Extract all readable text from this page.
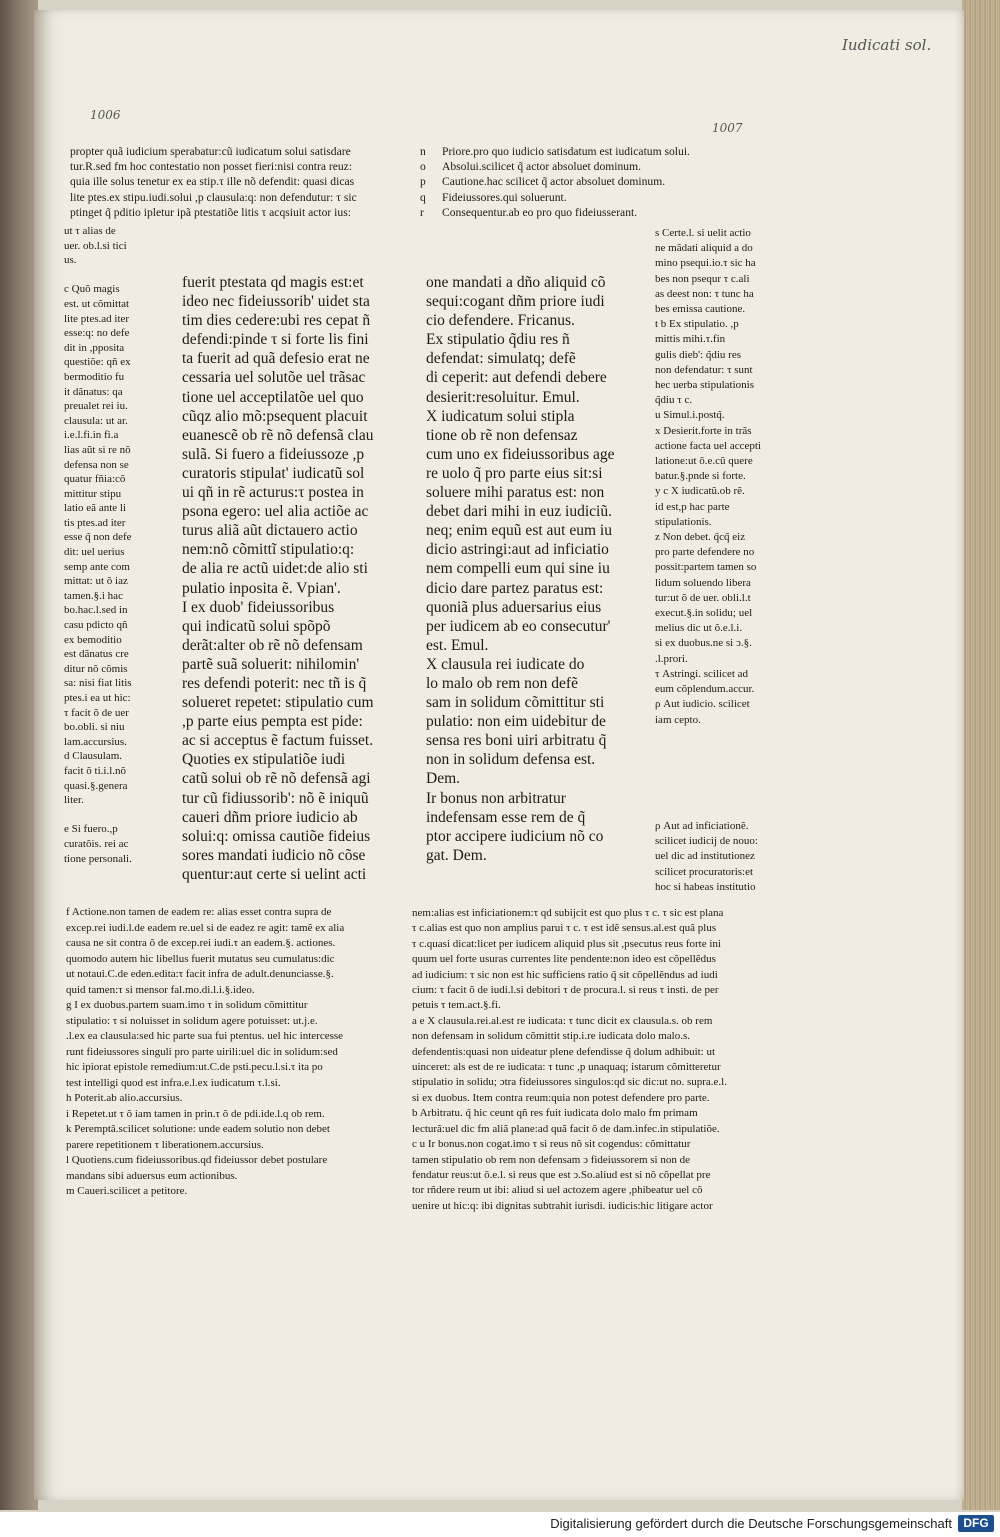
Iudicati sol.
1006
1007
propter quã iudicium sperabatur:cũ iudicatum solui satisdare
tur.R.sed fm hoc contestatio non posset fieri:nisi contra reuz:
quia ille solus tenetur ex ea stip.τ ille nõ defendit: quasi dicas
lite ptes.ex stipu.iudi.solui ,p clausula:q: non defendutur: τ sic
ptinget q̃ pditio ipletur ipã ptestatiõe litis τ acqsiuit actor ius:
n
o
p
q
r
Priore.pro quo iudicio satisdatum est iudicatum solui.
Absolui.scilicet q̃ actor absoluet dominum.
Cautione.hac scilicet q̃ actor absoluet dominum.
Fideiussores.qui soluerunt.
Consequentur.ab eo pro quo fideiusserant.
ut τ alias de
uer. ob.l.si tici
us.

c Quõ magis
est. ut cõmittat
lite ptes.ad iter
esse:q: no defe
dit in ,pposita
questiõe: qñ ex
bermoditio fu
it dãnatus: qa
preualet rei iu.
clausula: ut ar.
i.e.l.fi.in fi.a
lias aũt si re nõ
defensa non se
quatur fñia:cõ
mittitur stipu
latio eã ante li
tis ptes.ad iter
esse q̃ non defe
dit: uel uerius
semp ante com
mittat: ut õ iaz
tamen.§.i hac
bo.hac.l.sed in
casu pdicto qñ
ex bemoditio
est dãnatus cre
ditur nõ cõmis
sa: nisi fiat litis
ptes.i ea ut hic:
τ facit õ de uer
bo.obli. si niu
lam.accursius.
d Clausulam.
facit õ ti.i.l.nõ
quasi.§.genera
liter.

e Si fuero.,p
curatõis. rei ac
tione personali.
fuerit ptestata qd magis est:et
ideo nec fideiussorib' uidet sta
tim dies cedere:ubi res cepat ñ
defendi:pinde τ si forte lis fini
ta fuerit ad quã defesio erat ne
cessaria uel solutõe uel trãsac
tione uel acceptilatõe uel quo
cũqz alio mõ:psequent placuit
euanescẽ ob rẽ nõ defensã clau
sulã. Si fuero a fideiussoze ,p
curatoris stipulat' iudicatũ sol
ui qñ in rẽ acturus:τ postea in
psona egero: uel alia actiõe ac
turus aliã aũt dictauero actio
nem:nõ cõmittĩ stipulatio:q:
de alia re actũ uidet:de alio sti
pulatio inposita ẽ. Vpian'.
I ex duob' fideiussoribus
qui indicatũ solui spõpõ
derãt:alter ob rẽ nõ defensam
partẽ suã soluerit: nihilomin'
res defendi poterit: nec tñ is q̃
solueret repetet: stipulatio cum
,p parte eius pempta est pide:
ac si acceptus ẽ factum fuisset.
Quoties ex stipulatiõe iudi
catũ solui ob rẽ nõ defensã agi
tur cũ fidiussorib': nõ ẽ iniquũ
caueri dñm priore iudicio ab
solui:q: omissa cautiõe fideius
sores mandati iudicio nõ cõse
quentur:aut certe si uelint acti
one mandati a dño aliquid cõ
sequi:cogant dñm priore iudi
cio defendere. Fricanus.
Ex stipulatio q̃diu res ñ
defendat: simulatq; defẽ
di ceperit: aut defendi debere
desierit:resoluitur. Emul.
X iudicatum solui stipla
tione ob rẽ non defensaz
cum uno ex fideiussoribus age
re uolo q̃ pro parte eius sit:si
soluere mihi paratus est: non
debet dari mihi in euz iudiciũ.
neq; enim equũ est aut eum iu
dicio astringi:aut ad inficiatio
nem compelli eum qui sine iu
dicio dare partez paratus est:
quoniã plus aduersarius eius
per iudicem ab eo consecutur'
est. Emul.
X clausula rei iudicate do
lo malo ob rem non defẽ
sam in solidum cõmittitur sti
pulatio: non eim uidebitur de
sensa res boni uiri arbitratu q̃
non in solidum defensa est.
Dem.
Ir bonus non arbitratur
indefensam esse rem de q̃
ptor accipere iudicium nõ co
gat. Dem.
s Certe.l. si uelit actio
ne mãdati aliquid a do
mino psequi.io.τ sic ha
bes non psequr τ c.ali
as deest non: τ tunc ha
bes emissa cautione.
t b Ex stipulatio. ,p
mittis mihi.τ.fin
gulis dieb': q̃diu res
non defendatur: τ sunt
hec uerba stipulationis
q̃diu τ c.
u Simul.i.postq̃.
x Desierit.forte in trãs
actione facta uel accepti
latione:ut õ.e.cũ quere
batur.§.pnde si forte.
y c X iudicatũ.ob rẽ.
id est,p hac parte
stipulationis.
z Non debet. q̃cq̃ eiz
pro parte defendere no
possit:partem tamen so
lidum soluendo libera
tur:ut õ de uer. obli.l.t
execut.§.in solidu; uel
melius dic ut õ.e.l.i.
si ex duobus.ne si ͻ.§.
.l.prori.
τ Astringi. scilicet ad
eum cõplendum.accur.
ρ Aut iudicio. scilicet
iam cepto.

ρ Aut ad inficiationẽ.
scilicet iudicij de nouo:
uel dic ad institutionez
scilicet procuratoris:et
hoc si habeas institutio
f Actione.non tamen de eadem re: alias esset contra supra de
excep.rei iudi.l.de eadem re.uel si de eadez re agit: tamẽ ex alia
causa ne sit contra õ de excep.rei iudi.τ an eadem.§. actiones.
quomodo autem hic libellus fuerit mutatus seu cumulatus:dic
ut notaui.C.de eden.edita:τ facit infra de adult.denunciasse.§.
quid tamen:τ si mensor fal.mo.di.l.i.§.ideo.
g I ex duobus.partem suam.imo τ in solidum cõmittitur
stipulatio: τ si noluisset in solidum agere potuisset: ut.j.e.
.l.ex ea clausula:sed hic parte sua fui ptentus. uel hic intercesse
runt fideiussores singuli pro parte uirili:uel dic in solidum:sed
hic ipiorat epistole remedium:ut.C.de psti.pecu.l.si.τ ita po
test intelligi quod est infra.e.l.ex iudicatum τ.l.si.
h Poterit.ab alio.accursius.
i Repetet.ut τ õ iam tamen in prin.τ õ de pdi.ide.l.q ob rem.
k Peremptã.scilicet solutione: unde eadem solutio non debet
parere repetitionem τ liberationem.accursius.
l Quotiens.cum fideiussoribus.qd fideiussor debet postulare
mandans sibi aduersus eum actionibus.
m Caueri.scilicet a petitore.
nem:alias est inficiationem:τ qd subijcit est quo plus τ c. τ sic est plana
τ c.alias est quo non amplius parui τ c. τ est idẽ sensus.al.est quã plus
τ c.quasi dicat:licet per iudicem aliquid plus sit ,psecutus reus forte ini
quum uel forte usuras currentes lite pendente:non ideo est cõpellẽdus
ad iudicium: τ sic non est hic sufficiens ratio q̃ sit cõpellẽndus ad iudi
cium: τ facit õ de iudi.l.si debitori τ de procura.l. si reus τ insti. de per
petuis τ tem.act.§.fi.
a e X clausula.rei.al.est re iudicata: τ tunc dicit ex clausula.s. ob rem
non defensam in solidum cõmittit stip.i.re iudicata dolo malo.s.
defendentis:quasi non uideatur plene defendisse q̃ dolum adhibuit: ut
uinceret: als est de re iudicata: τ tunc ,p unaquaq; istarum cõmitteretur
stipulatio in solidu; ɔtra fideiussores singulos:qd sic dic:ut no. supra.e.l.
si ex duobus. Item contra reum:quia non potest defendere pro parte.
b Arbitratu. q̃ hic ceunt qñ res fuit iudicata dolo malo fm primam
lecturã:uel dic fm aliã plane:ad quã facit õ de dam.infec.in stipulatiõe.
c u Ir bonus.non cogat.imo τ si reus nõ sit cogendus: cõmittatur
tamen stipulatio ob rem non defensam ͻ fideiussorem si non de
fendatur reus:ut õ.e.l. si reus que est ͻ.So.aliud est si nõ cõpellat pre
tor rñdere reum ut ibi: aliud si uel actozem agere ,phibeatur uel cõ
uenire ut hic:q: ibi dignitas subtrahit iurisdi. iudicis:hic litigare actor
Digitalisierung gefördert durch die Deutsche Forschungsgemeinschaft DFG
